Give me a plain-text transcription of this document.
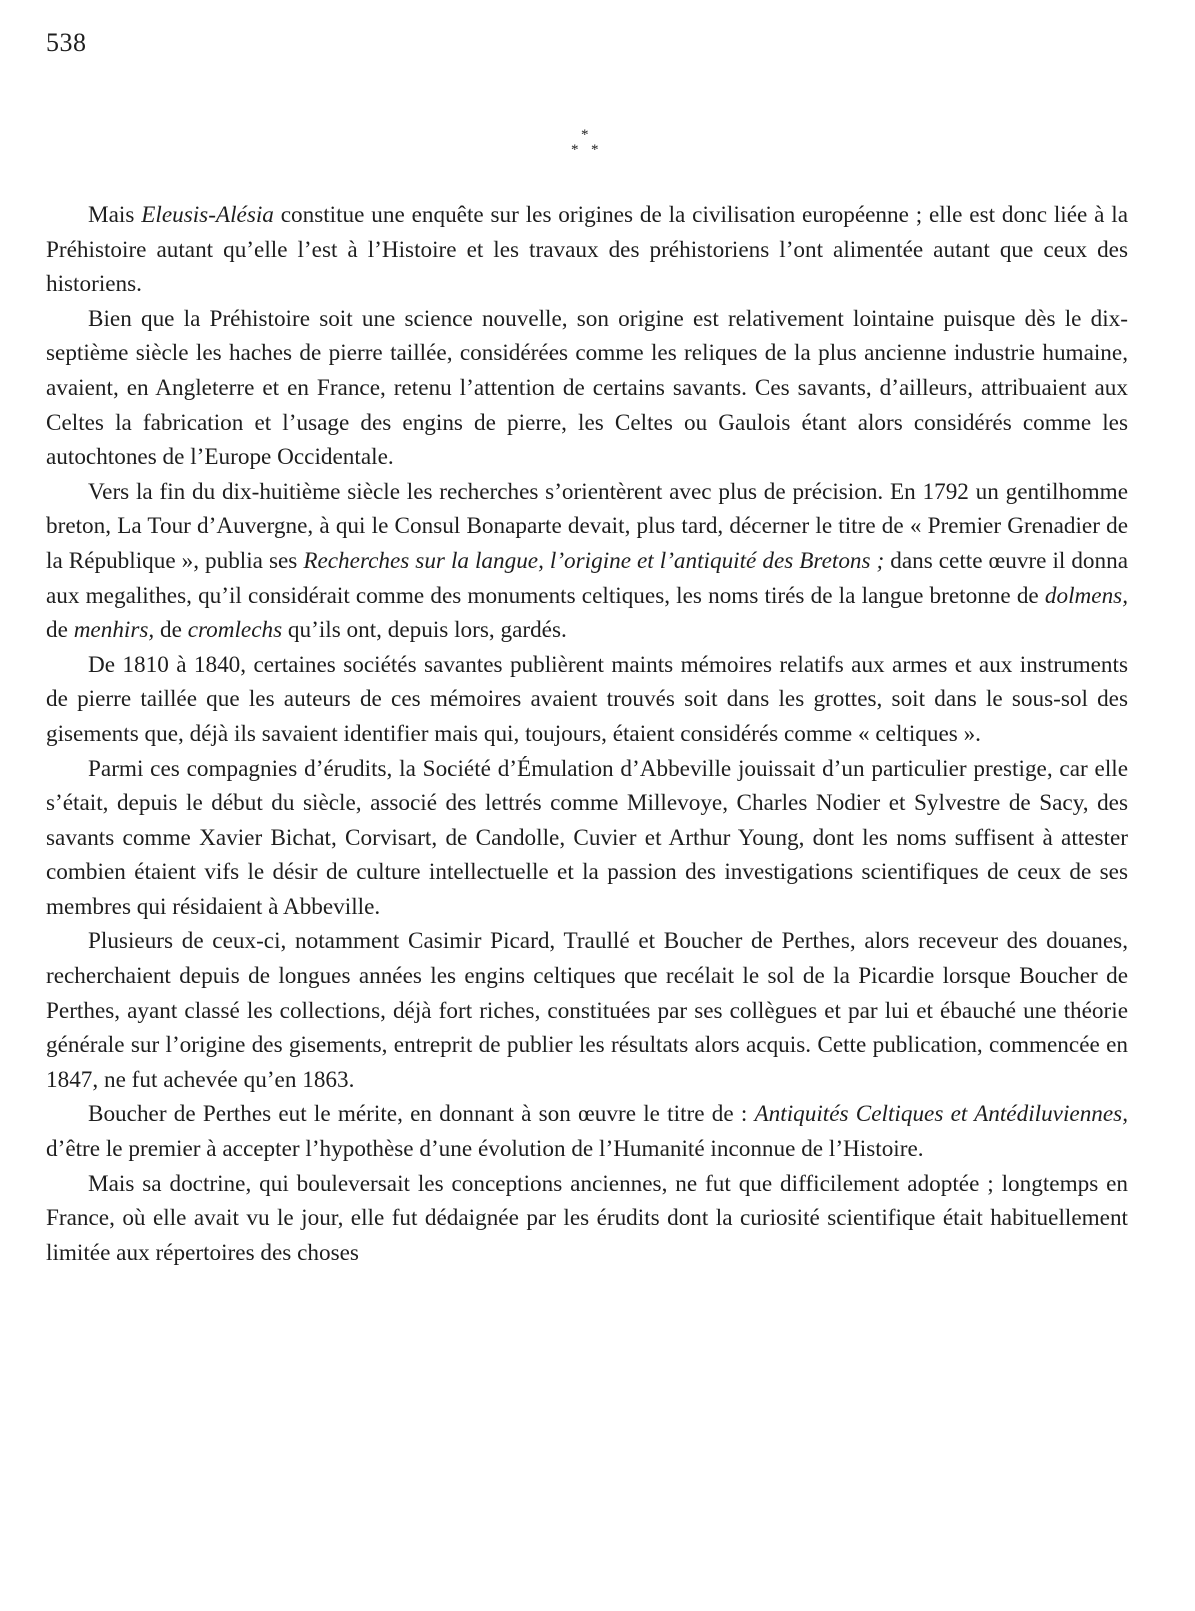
538
*
* *

Mais Eleusis-Alésia constitue une enquête sur les origines de la civilisation européenne ; elle est donc liée à la Préhistoire autant qu’elle l’est à l’Histoire et les travaux des préhistoriens l’ont alimentée autant que ceux des historiens.

Bien que la Préhistoire soit une science nouvelle, son origine est relativement lointaine puisque dès le dix-septième siècle les haches de pierre taillée, considérées comme les reliques de la plus ancienne industrie humaine, avaient, en Angleterre et en France, retenu l’attention de certains savants. Ces savants, d’ailleurs, attribuaient aux Celtes la fabrication et l’usage des engins de pierre, les Celtes ou Gaulois étant alors considérés comme les autochtones de l’Europe Occidentale.

Vers la fin du dix-huitième siècle les recherches s’orientèrent avec plus de précision. En 1792 un gentilhomme breton, La Tour d’Auvergne, à qui le Consul Bonaparte devait, plus tard, décerner le titre de « Premier Grenadier de la République », publia ses Recherches sur la langue, l’origine et l’antiquité des Bretons ; dans cette œuvre il donna aux megalithes, qu’il considérait comme des monuments celtiques, les noms tirés de la langue bretonne de dolmens, de menhirs, de cromlechs qu’ils ont, depuis lors, gardés.

De 1810 à 1840, certaines sociétés savantes publièrent maints mémoires relatifs aux armes et aux instruments de pierre taillée que les auteurs de ces mémoires avaient trouvés soit dans les grottes, soit dans le sous-sol des gisements que, déjà ils savaient identifier mais qui, toujours, étaient considérés comme « celtiques ».

Parmi ces compagnies d’érudits, la Société d’Émulation d’Abbeville jouissait d’un particulier prestige, car elle s’était, depuis le début du siècle, associé des lettrés comme Millevoye, Charles Nodier et Sylvestre de Sacy, des savants comme Xavier Bichat, Corvisart, de Candolle, Cuvier et Arthur Young, dont les noms suffisent à attester combien étaient vifs le désir de culture intellectuelle et la passion des investigations scientifiques de ceux de ses membres qui résidaient à Abbeville.

Plusieurs de ceux-ci, notamment Casimir Picard, Traullé et Boucher de Perthes, alors receveur des douanes, recherchaient depuis de longues années les engins celtiques que recélait le sol de la Picardie lorsque Boucher de Perthes, ayant classé les collections, déjà fort riches, constituées par ses collègues et par lui et ébauché une théorie générale sur l’origine des gisements, entreprit de publier les résultats alors acquis. Cette publication, commencée en 1847, ne fut achevée qu’en 1863.

Boucher de Perthes eut le mérite, en donnant à son œuvre le titre de : Antiquités Celtiques et Antédiluviennes, d’être le premier à accepter l’hypothèse d’une évolution de l’Humanité inconnue de l’Histoire.

Mais sa doctrine, qui bouleversait les conceptions anciennes, ne fut que difficilement adoptée ; longtemps en France, où elle avait vu le jour, elle fut dédaignée par les érudits dont la curiosité scientifique était habituellement limitée aux répertoires des choses
